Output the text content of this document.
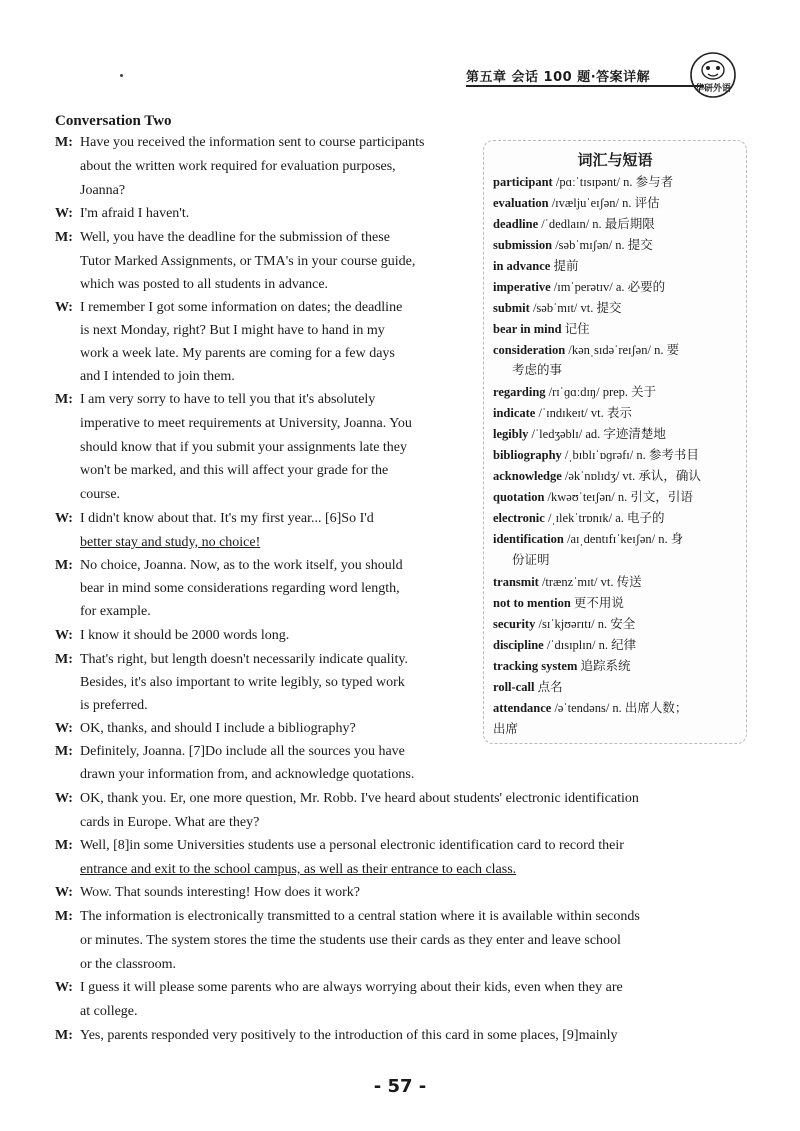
第五章 会话 100 题·答案详解
华研外语
Conversation Two
M: Have you received the information sent to course participants
about the written work required for evaluation purposes,
Joanna?
W: I'm afraid I haven't.
M: Well, you have the deadline for the submission of these
Tutor Marked Assignments, or TMA's in your course guide,
which was posted to all students in advance.
W: I remember I got some information on dates; the deadline
is next Monday, right? But I might have to hand in my
work a week late. My parents are coming for a few days
and I intended to join them.
M: I am very sorry to have to tell you that it's absolutely
imperative to meet requirements at University, Joanna. You
should know that if you submit your assignments late they
won't be marked, and this will affect your grade for the
course.
W: I didn't know about that. It's my first year... [6]So I'd
better stay and study, no choice!
M: No choice, Joanna. Now, as to the work itself, you should
bear in mind some considerations regarding word length,
for example.
W: I know it should be 2000 words long.
M: That's right, but length doesn't necessarily indicate quality.
Besides, it's also important to write legibly, so typed work
is preferred.
W: OK, thanks, and should I include a bibliography?
M: Definitely, Joanna. [7]Do include all the sources you have
drawn your information from, and acknowledge quotations.
W: OK, thank you. Er, one more question, Mr. Robb. I've heard about students' electronic identification
cards in Europe. What are they?
M: Well, [8]in some Universities students use a personal electronic identification card to record their
entrance and exit to the school campus, as well as their entrance to each class.
W: Wow. That sounds interesting! How does it work?
M: The information is electronically transmitted to a central station where it is available within seconds
or minutes. The system stores the time the students use their cards as they enter and leave school
or the classroom.
W: I guess it will please some parents who are always worrying about their kids, even when they are
at college.
M: Yes, parents responded very positively to the introduction of this card in some places, [9]mainly
词汇与短语
participant /pɑːˈtɪsɪpənt/ n. 参与者
evaluation /ɪvæljuˈeɪʃən/ n. 评估
deadline /ˈdedlaɪn/ n. 最后期限
submission /səbˈmɪʃən/ n. 提交
in advance 提前
imperative /ɪmˈperətɪv/ a. 必要的
submit /səbˈmɪt/ vt. 提交
bear in mind 记住
consideration /kənˌsɪdəˈreɪʃən/ n. 要
考虑的事
regarding /rɪˈɡɑːdɪŋ/ prep. 关于
indicate /ˈɪndɪkeɪt/ vt. 表示
legibly /ˈledʒəblɪ/ ad. 字迹清楚地
bibliography /ˌbɪblɪˈɒɡrəfɪ/ n. 参考书目
acknowledge /əkˈnɒlɪdʒ/ vt. 承认，确认
quotation /kwəʊˈteɪʃən/ n. 引文，引语
electronic /ˌɪlekˈtrɒnɪk/ a. 电子的
identification /aɪˌdentɪfɪˈkeɪʃən/ n. 身
份证明
transmit /trænzˈmɪt/ vt. 传送
not to mention 更不用说
security /sɪˈkjʊərɪtɪ/ n. 安全
discipline /ˈdɪsɪplɪn/ n. 纪律
tracking system 追踪系统
roll-call 点名
attendance /əˈtendəns/ n. 出席人数；
出席
- 57 -
